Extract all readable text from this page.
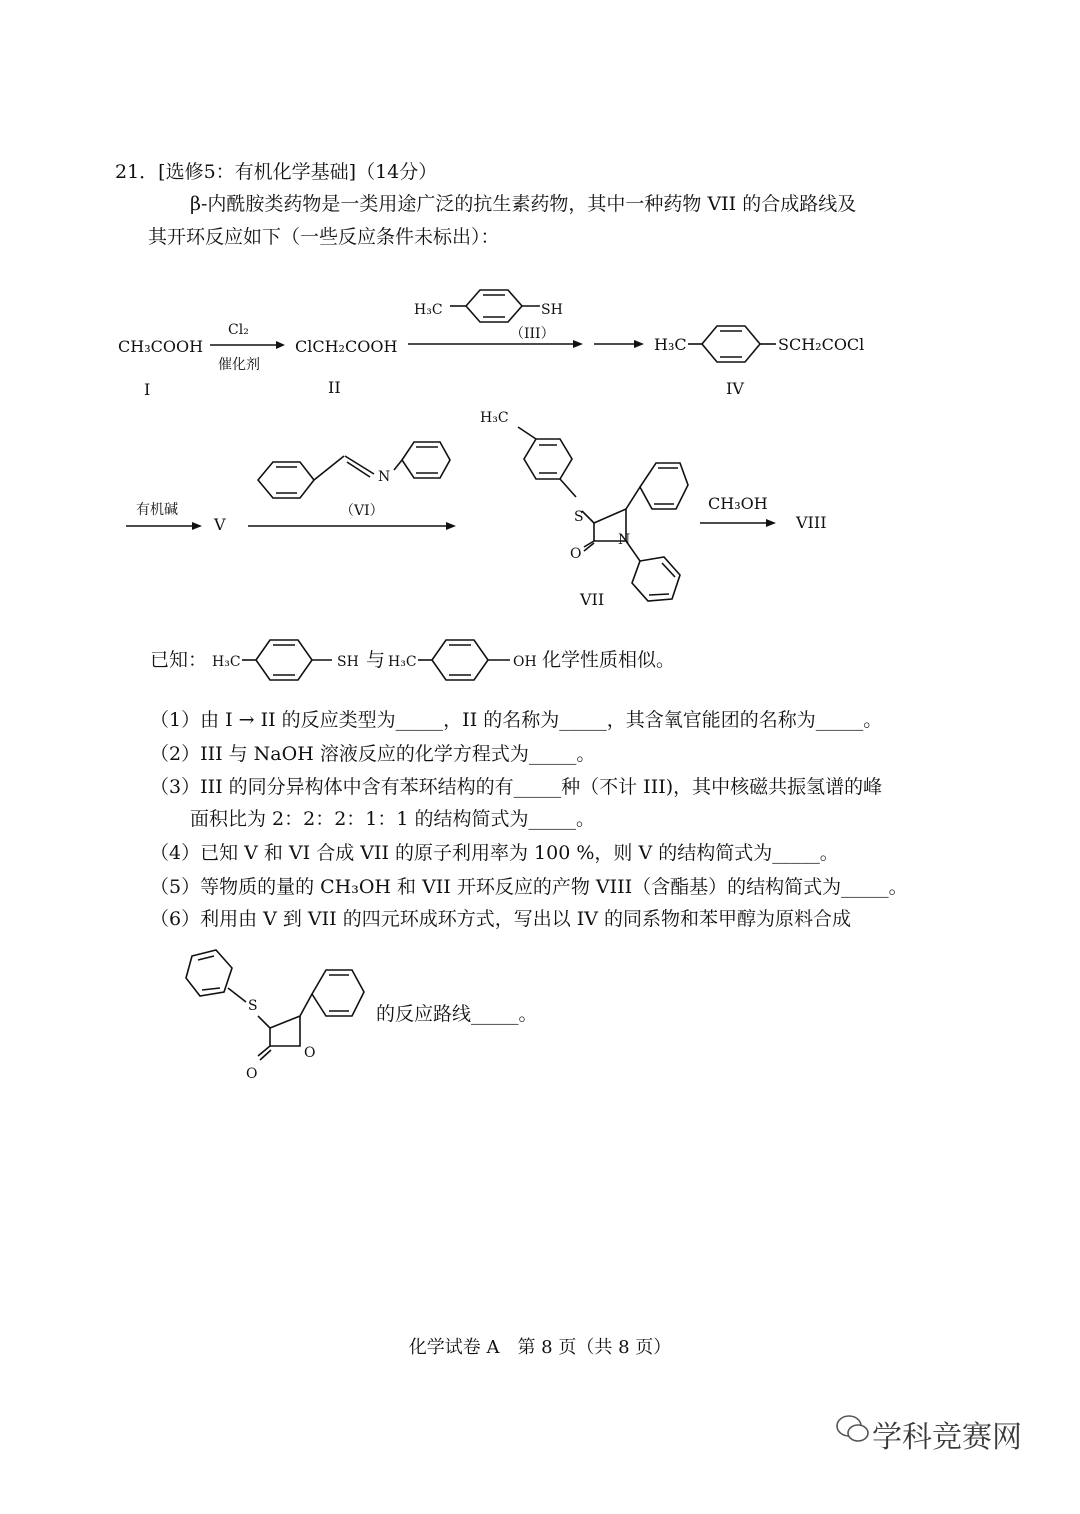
21．[选修5：有机化学基础]（14分）
β-内酰胺类药物是一类用途广泛的抗生素药物，其中一种药物 VII 的合成路线及
其开环反应如下（一些反应条件未标出）：
CH₃COOH
I
Cl₂
催化剂
ClCH₂COOH
II
H₃C	SH
（III）
H₃C	SCH₂COCl
IV
有机碱
V
N
（VI）
H₃C
S
O
N
VII
CH₃OH
VIII
已知： H₃C	SH 与 H₃C	OH 化学性质相似。
（1）由 I → II 的反应类型为_____，II 的名称为_____，其含氧官能团的名称为_____。
（2）III 与 NaOH 溶液反应的化学方程式为_____。
（3）III 的同分异构体中含有苯环结构的有_____种（不计 III)，其中核磁共振氢谱的峰
面积比为 2：2：2：1：1 的结构简式为_____。
（4）已知 V 和 VI 合成 VII 的原子利用率为 100 %，则 V 的结构简式为_____。
（5）等物质的量的 CH₃OH 和 VII 开环反应的产物 VIII（含酯基）的结构简式为_____。
（6）利用由 V 到 VII 的四元环成环方式，写出以 IV 的同系物和苯甲醇为原料合成
S
O
O
的反应路线_____。
化学试卷 A　第 8 页（共 8 页）
学科竞赛网
